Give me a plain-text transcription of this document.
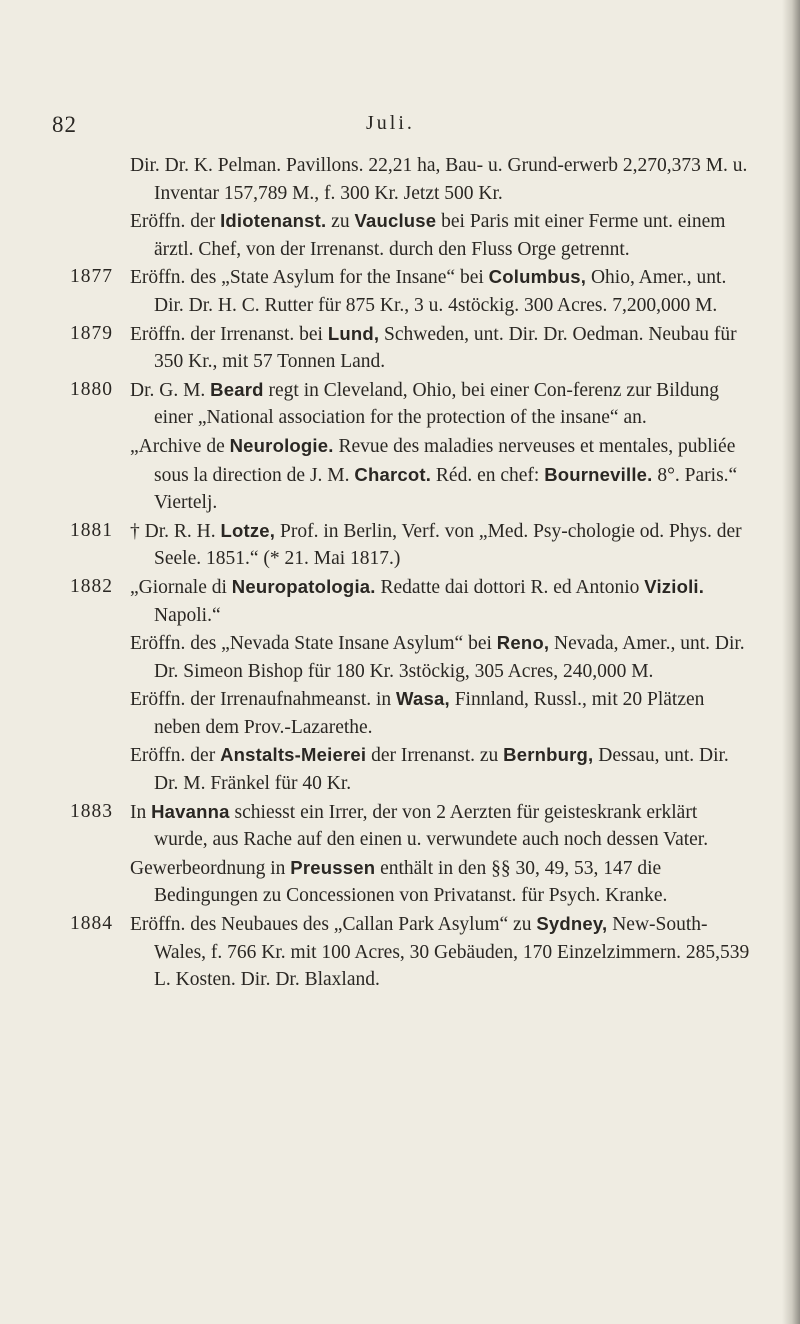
82	Juli.

Dir. Dr. K. Pelman. Pavillons. 22,21 ha, Bau- u. Grund-erwerb 2,270,373 M. u. Inventar 157,789 M., f. 300 Kr. Jetzt 500 Kr.

Eröffn. der Idiotenanst. zu Vaucluse bei Paris mit einer Ferme unt. einem ärztl. Chef, von der Irrenanst. durch den Fluss Orge getrennt.

1877 Eröffn. des „State Asylum for the Insane“ bei Columbus, Ohio, Amer., unt. Dir. Dr. H. C. Rutter für 875 Kr., 3 u. 4stöckig. 300 Acres. 7,200,000 M.

1879 Eröffn. der Irrenanst. bei Lund, Schweden, unt. Dir. Dr. Oedman. Neubau für 350 Kr., mit 57 Tonnen Land.

1880 Dr. G. M. Beard regt in Cleveland, Ohio, bei einer Con-ferenz zur Bildung einer „National association for the protection of the insane“ an.

„Archive de Neurologie. Revue des maladies nerveuses et mentales, publiée sous la direction de J. M. Charcot. Réd. en chef: Bourneville. 8°. Paris.“ Viertelj.

1881 † Dr. R. H. Lotze, Prof. in Berlin, Verf. von „Med. Psy-chologie od. Phys. der Seele. 1851.“ (* 21. Mai 1817.)

1882 „Giornale di Neuropatologia. Redatte dai dottori R. ed Antonio Vizioli. Napoli.“

Eröffn. des „Nevada State Insane Asylum“ bei Reno, Nevada, Amer., unt. Dir. Dr. Simeon Bishop für 180 Kr. 3stöckig, 305 Acres, 240,000 M.

Eröffn. der Irrenaufnahmeanst. in Wasa, Finnland, Russl., mit 20 Plätzen neben dem Prov.-Lazarethe.

Eröffn. der Anstalts-Meierei der Irrenanst. zu Bernburg, Dessau, unt. Dir. Dr. M. Fränkel für 40 Kr.

1883 In Havanna schiesst ein Irrer, der von 2 Aerzten für geisteskrank erklärt wurde, aus Rache auf den einen u. verwundete auch noch dessen Vater.

Gewerbeordnung in Preussen enthält in den §§ 30, 49, 53, 147 die Bedingungen zu Concessionen von Privatanst. für Psych. Kranke.

1884 Eröffn. des Neubaues des „Callan Park Asylum“ zu Sydney, New-South-Wales, f. 766 Kr. mit 100 Acres, 30 Gebäuden, 170 Einzelzimmern. 285,539 L. Kosten. Dir. Dr. Blaxland.
